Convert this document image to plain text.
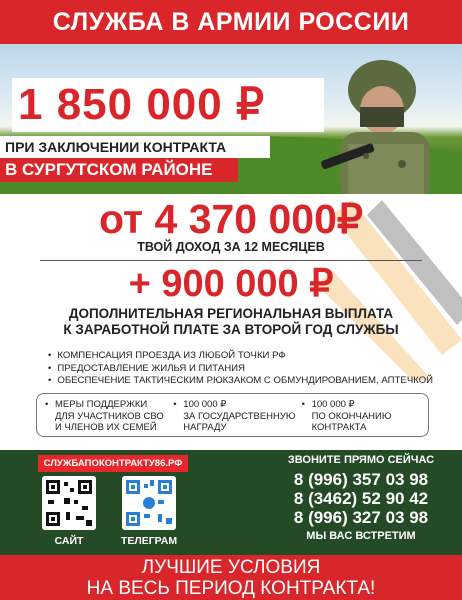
СЛУЖБА В АРМИИ РОССИИ
1 850 000 ₽
ПРИ ЗАКЛЮЧЕНИИ КОНТРАКТА
В СУРГУТСКОМ РАЙОНЕ
от 4 370 000₽
ТВОЙ ДОХОД ЗА 12 МЕСЯЦЕВ
+ 900 000 ₽
ДОПОЛНИТЕЛЬНАЯ РЕГИОНАЛЬНАЯ ВЫПЛАТА
К ЗАРАБОТНОЙ ПЛАТЕ ЗА ВТОРОЙ ГОД СЛУЖБЫ
• КОМПЕНСАЦИЯ ПРОЕЗДА ИЗ ЛЮБОЙ ТОЧКИ РФ
• ПРЕДОСТАВЛЕНИЕ ЖИЛЬЯ И ПИТАНИЯ
• ОБЕСПЕЧЕНИЕ ТАКТИЧЕСКИМ РЮКЗАКОМ С ОБМУНДИРОВАНИЕМ, АПТЕЧКОЙ
• МЕРЫ ПОДДЕРЖКИ
ДЛЯ УЧАСТНИКОВ СВО
И ЧЛЕНОВ ИХ СЕМЕЙ
• 100 000 ₽
ЗА ГОСУДАРСТВЕННУЮ
НАГРАДУ
• 100 000 ₽
ПО ОКОНЧАНИЮ
КОНТРАКТА
СЛУЖБАПОКОНТРАКТУ86.РФ
САЙТ	ТЕЛЕГРАМ
ЗВОНИТЕ ПРЯМО СЕЙЧАС
8 (996) 357 03 98
8 (3462) 52 90 42
8 (996) 327 03 98
МЫ ВАС ВСТРЕТИМ
ЛУЧШИЕ УСЛОВИЯ
НА ВЕСЬ ПЕРИОД КОНТРАКТА!
